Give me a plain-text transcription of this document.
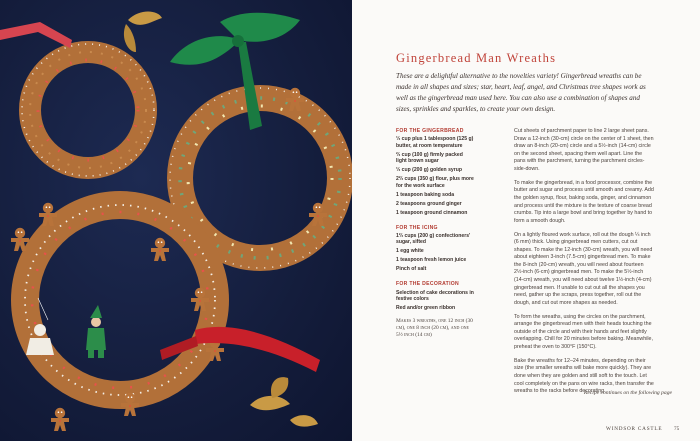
Gingerbread Man Wreaths
These are a delightful alternative to the novelties variety! Gingerbread wreaths can be made in all shapes and sizes; star, heart, leaf, angel, and Christmas tree shapes work as well as the gingerbread man used here. You can also use a combination of shapes and sizes, sprinkles and sparkles, to create your own design.
FOR THE GINGERBREAD
⅓ cup plus 1 tablespoon (125 g) butter, at room temperature
⅔ cup (100 g) firmly packed light brown sugar
⅓ cup (200 g) golden syrup
2⅔ cups (350 g) flour, plus more for the work surface
1 teaspoon baking soda
2 teaspoons ground ginger
1 teaspoon ground cinnamon
FOR THE ICING
1⅔ cups (200 g) confectioners' sugar, sifted
1 egg white
1 teaspoon fresh lemon juice
Pinch of salt
FOR THE DECORATION
Selection of cake decorations in festive colors
Red and/or green ribbon
Makes 3 wreaths, one 12 inch (30 cm), one 8 inch (20 cm), and one 5½ inch (14 cm)

Cut sheets of parchment paper to line 2 large sheet pans. Draw a 12-inch (30-cm) circle on the center of 1 sheet, then draw an 8-inch (20-cm) circle and a 5½-inch (14-cm) circle on the second sheet, spacing them well apart. Line the pans with the parchment, turning the parchment circles-side-down.

To make the gingerbread, in a food processor, combine the butter and sugar and process until smooth and creamy. Add the golden syrup, flour, baking soda, ginger, and cinnamon and process until the mixture is the texture of coarse bread crumbs. Tip into a large bowl and bring together by hand to form a smooth dough.

On a lightly floured work surface, roll out the dough ¼ inch (6 mm) thick. Using gingerbread men cutters, cut out shapes. To make the 12-inch (30-cm) wreath, you will need about eighteen 3-inch (7.5-cm) gingerbread men. To make the 8-inch (20-cm) wreath, you will need about fourteen 2½-inch (6-cm) gingerbread men. To make the 5½-inch (14-cm) wreath, you will need about twelve 1½-inch (4-cm) gingerbread men. If unable to cut out all the shapes you need, gather up the scraps, press together, roll out the dough, and cut out more shapes as needed.

To form the wreaths, using the circles on the parchment, arrange the gingerbread men with their heads touching the outside of the circle and with their hands and feet slightly overlapping. Chill for 20 minutes before baking. Meanwhile, preheat the oven to 300°F (150°C).

Bake the wreaths for 12–24 minutes, depending on their size (the smaller wreaths will bake more quickly). They are done when they are golden and still soft to the touch. Let cool completely on the pans on wire racks, then transfer the wreaths to the racks before decorating.

Recipe continues on the following page
WINDSOR CASTLE 75
